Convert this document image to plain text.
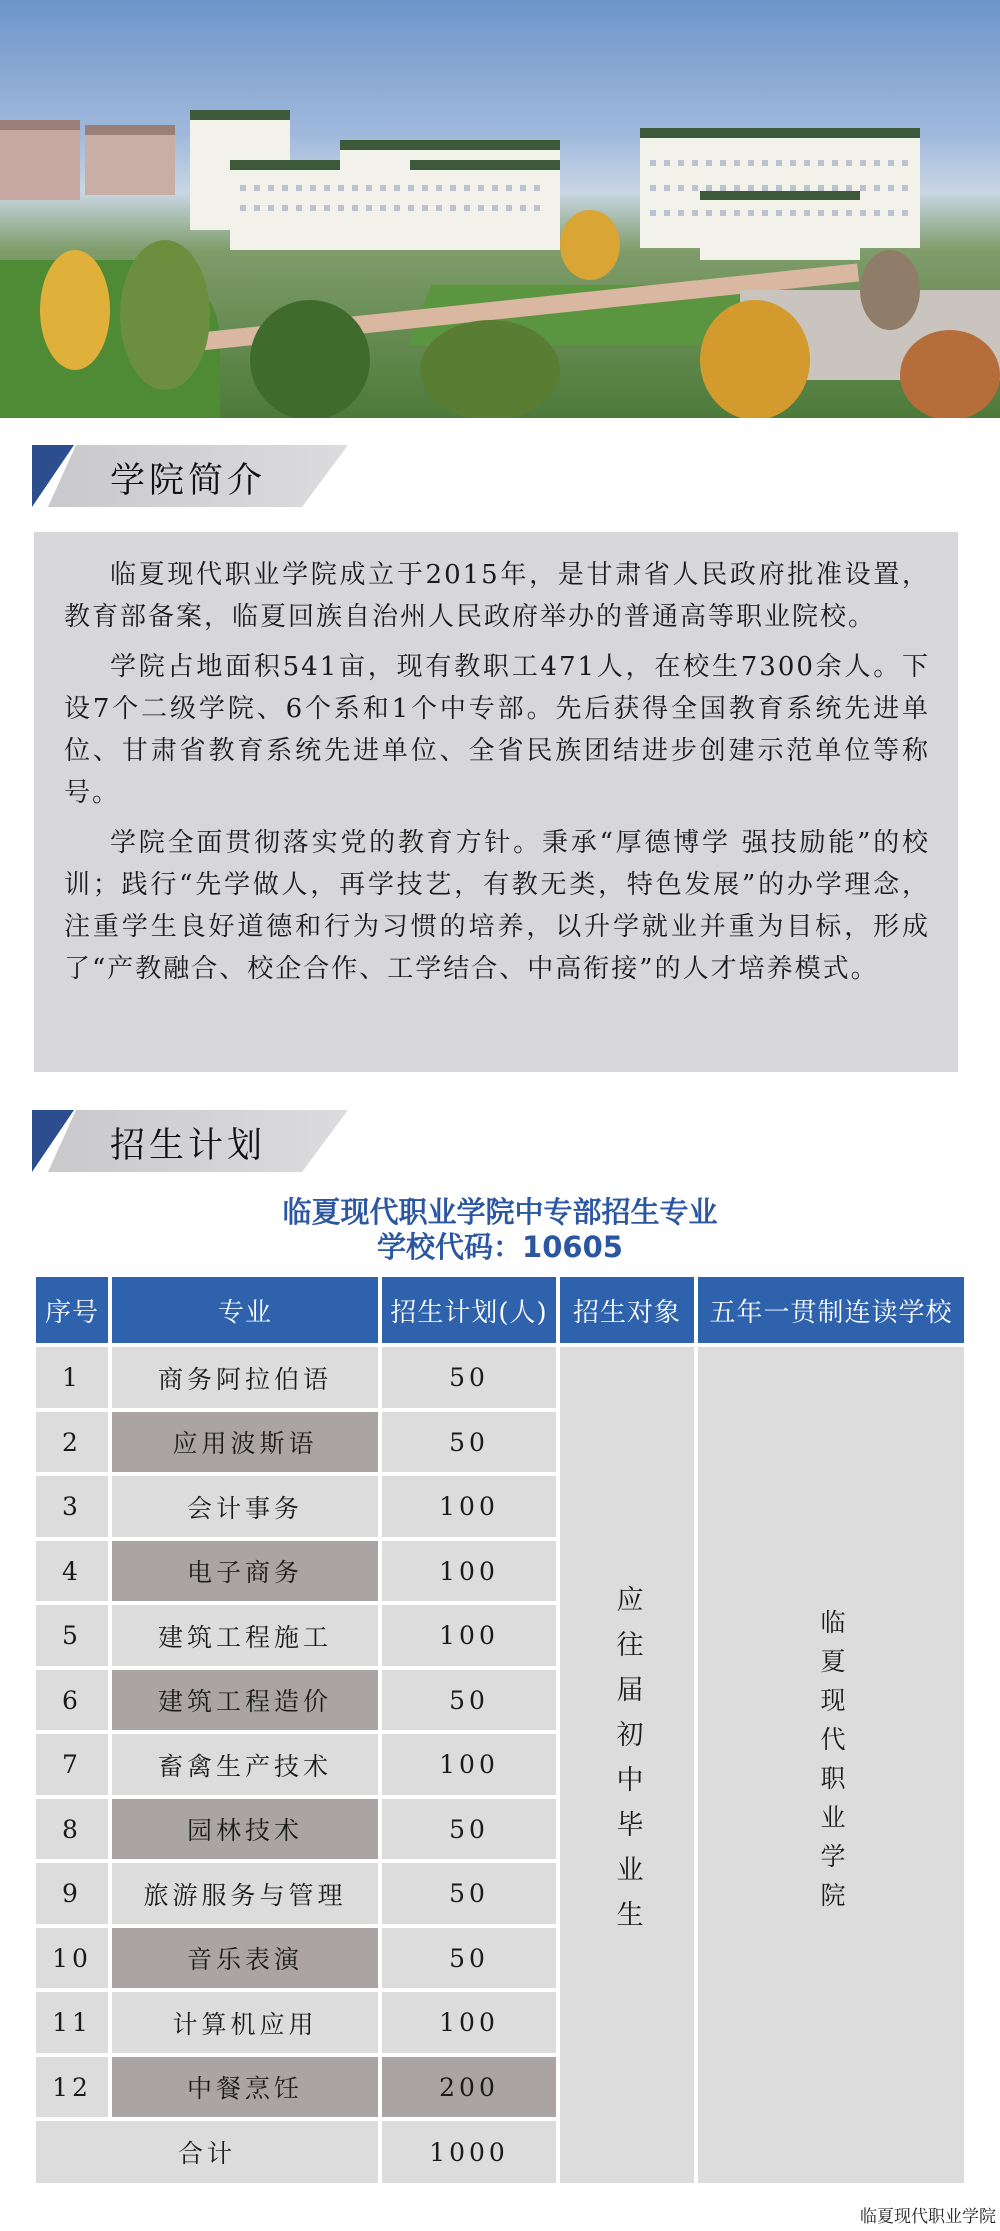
学院简介

临夏现代职业学院成立于2015年，是甘肃省人民政府批准设置，教育部备案，临夏回族自治州人民政府举办的普通高等职业院校。

学院占地面积541亩，现有教职工471人，在校生7300余人。下设7个二级学院、6个系和1个中专部。先后获得全国教育系统先进单位、甘肃省教育系统先进单位、全省民族团结进步创建示范单位等称号。

学院全面贯彻落实党的教育方针。秉承“厚德博学 强技励能”的校训；践行“先学做人，再学技艺，有教无类，特色发展”的办学理念，注重学生良好道德和行为习惯的培养，以升学就业并重为目标，形成了“产教融合、校企合作、工学结合、中高衔接”的人才培养模式。

招生计划
临夏现代职业学院中专部招生专业
学校代码：10605
序号	专业	招生计划(人) 招生对象	五年一贯制连读学校
1	商务阿拉伯语	50
2	应用波斯语	50
3	会计事务	100
4	电子商务	100
5	建筑工程施工	100
6	建筑工程造价	50
7	畜禽生产技术	100
8	园林技术	50
9	旅游服务与管理	50
10	音乐表演	50
11	计算机应用	100
12	中餐烹饪	200
合计	1000
应往届初中毕业生	临夏现代职业学院
临夏现代职业学院
